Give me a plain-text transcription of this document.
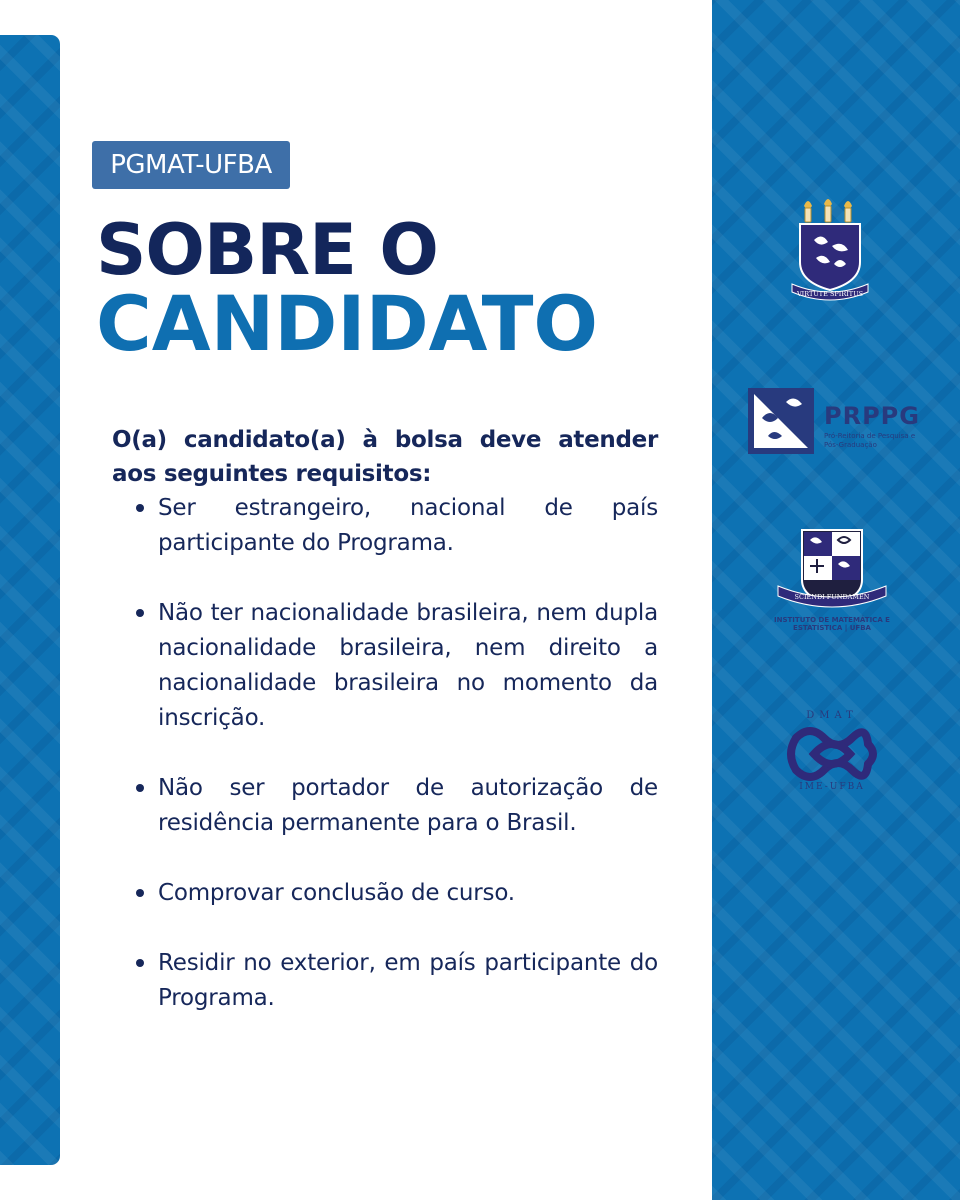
PGMAT-UFBA
SOBRE O
CANDIDATO

O(a) candidato(a) à bolsa deve atender aos seguintes requisitos:

Ser estrangeiro, nacional de país participante do Programa.
Não ter nacionalidade brasileira, nem dupla nacionalidade brasileira, nem direito a nacionalidade brasileira no momento da inscrição.
Não ser portador de autorização de residência permanente para o Brasil.
Comprovar conclusão de curso.
Residir no exterior, em país participante do Programa.
VIRTUTE SPIRITUS
PRPPG
Pró-Reitoria de Pesquisa e Pós-Graduação
SCIENDI FUNDAMEN
INSTITUTO DE MATEMÁTICA E ESTATÍSTICA | UFBA
DMAT
IME-UFBA
